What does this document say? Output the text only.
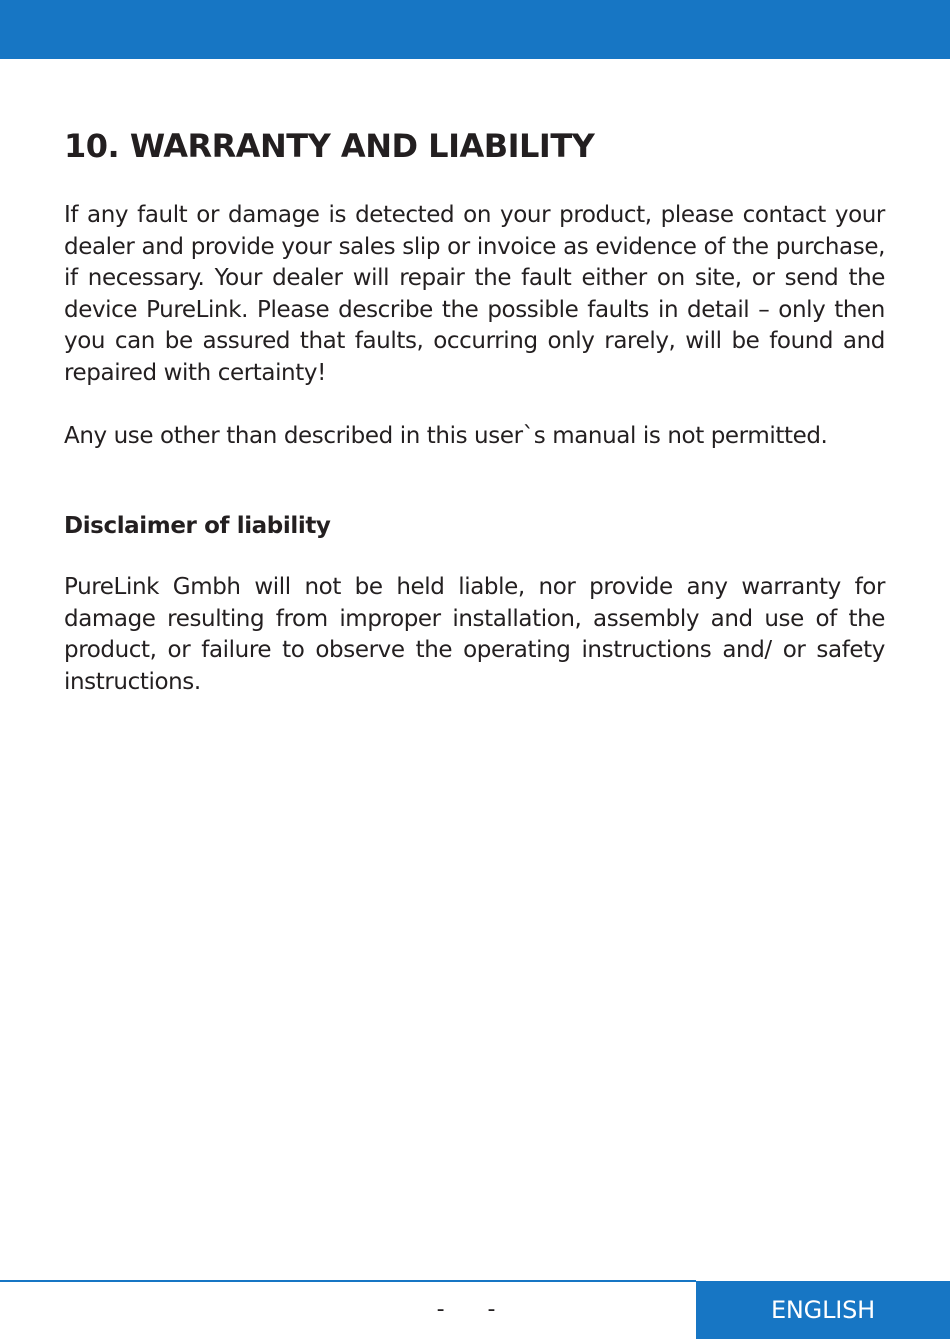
10. WARRANTY AND LIABILITY

If any fault or damage is detected on your product, please contact your dealer and provide your sales slip or invoice as evidence of the purchase, if necessary. Your dealer will repair the fault either on site, or send the device PureLink. Please describe the possible faults in detail – only then you can be assured that faults, occurring only rarely, will be found and repaired with certainty!

Any use other than described in this user`s manual is not permitted.

Disclaimer of liability

PureLink Gmbh will not be held liable, nor provide any warranty for damage resulting from improper installation, assembly and use of the product, or failure to observe the operating instructions and/ or safety instructions.

- -	ENGLISH
